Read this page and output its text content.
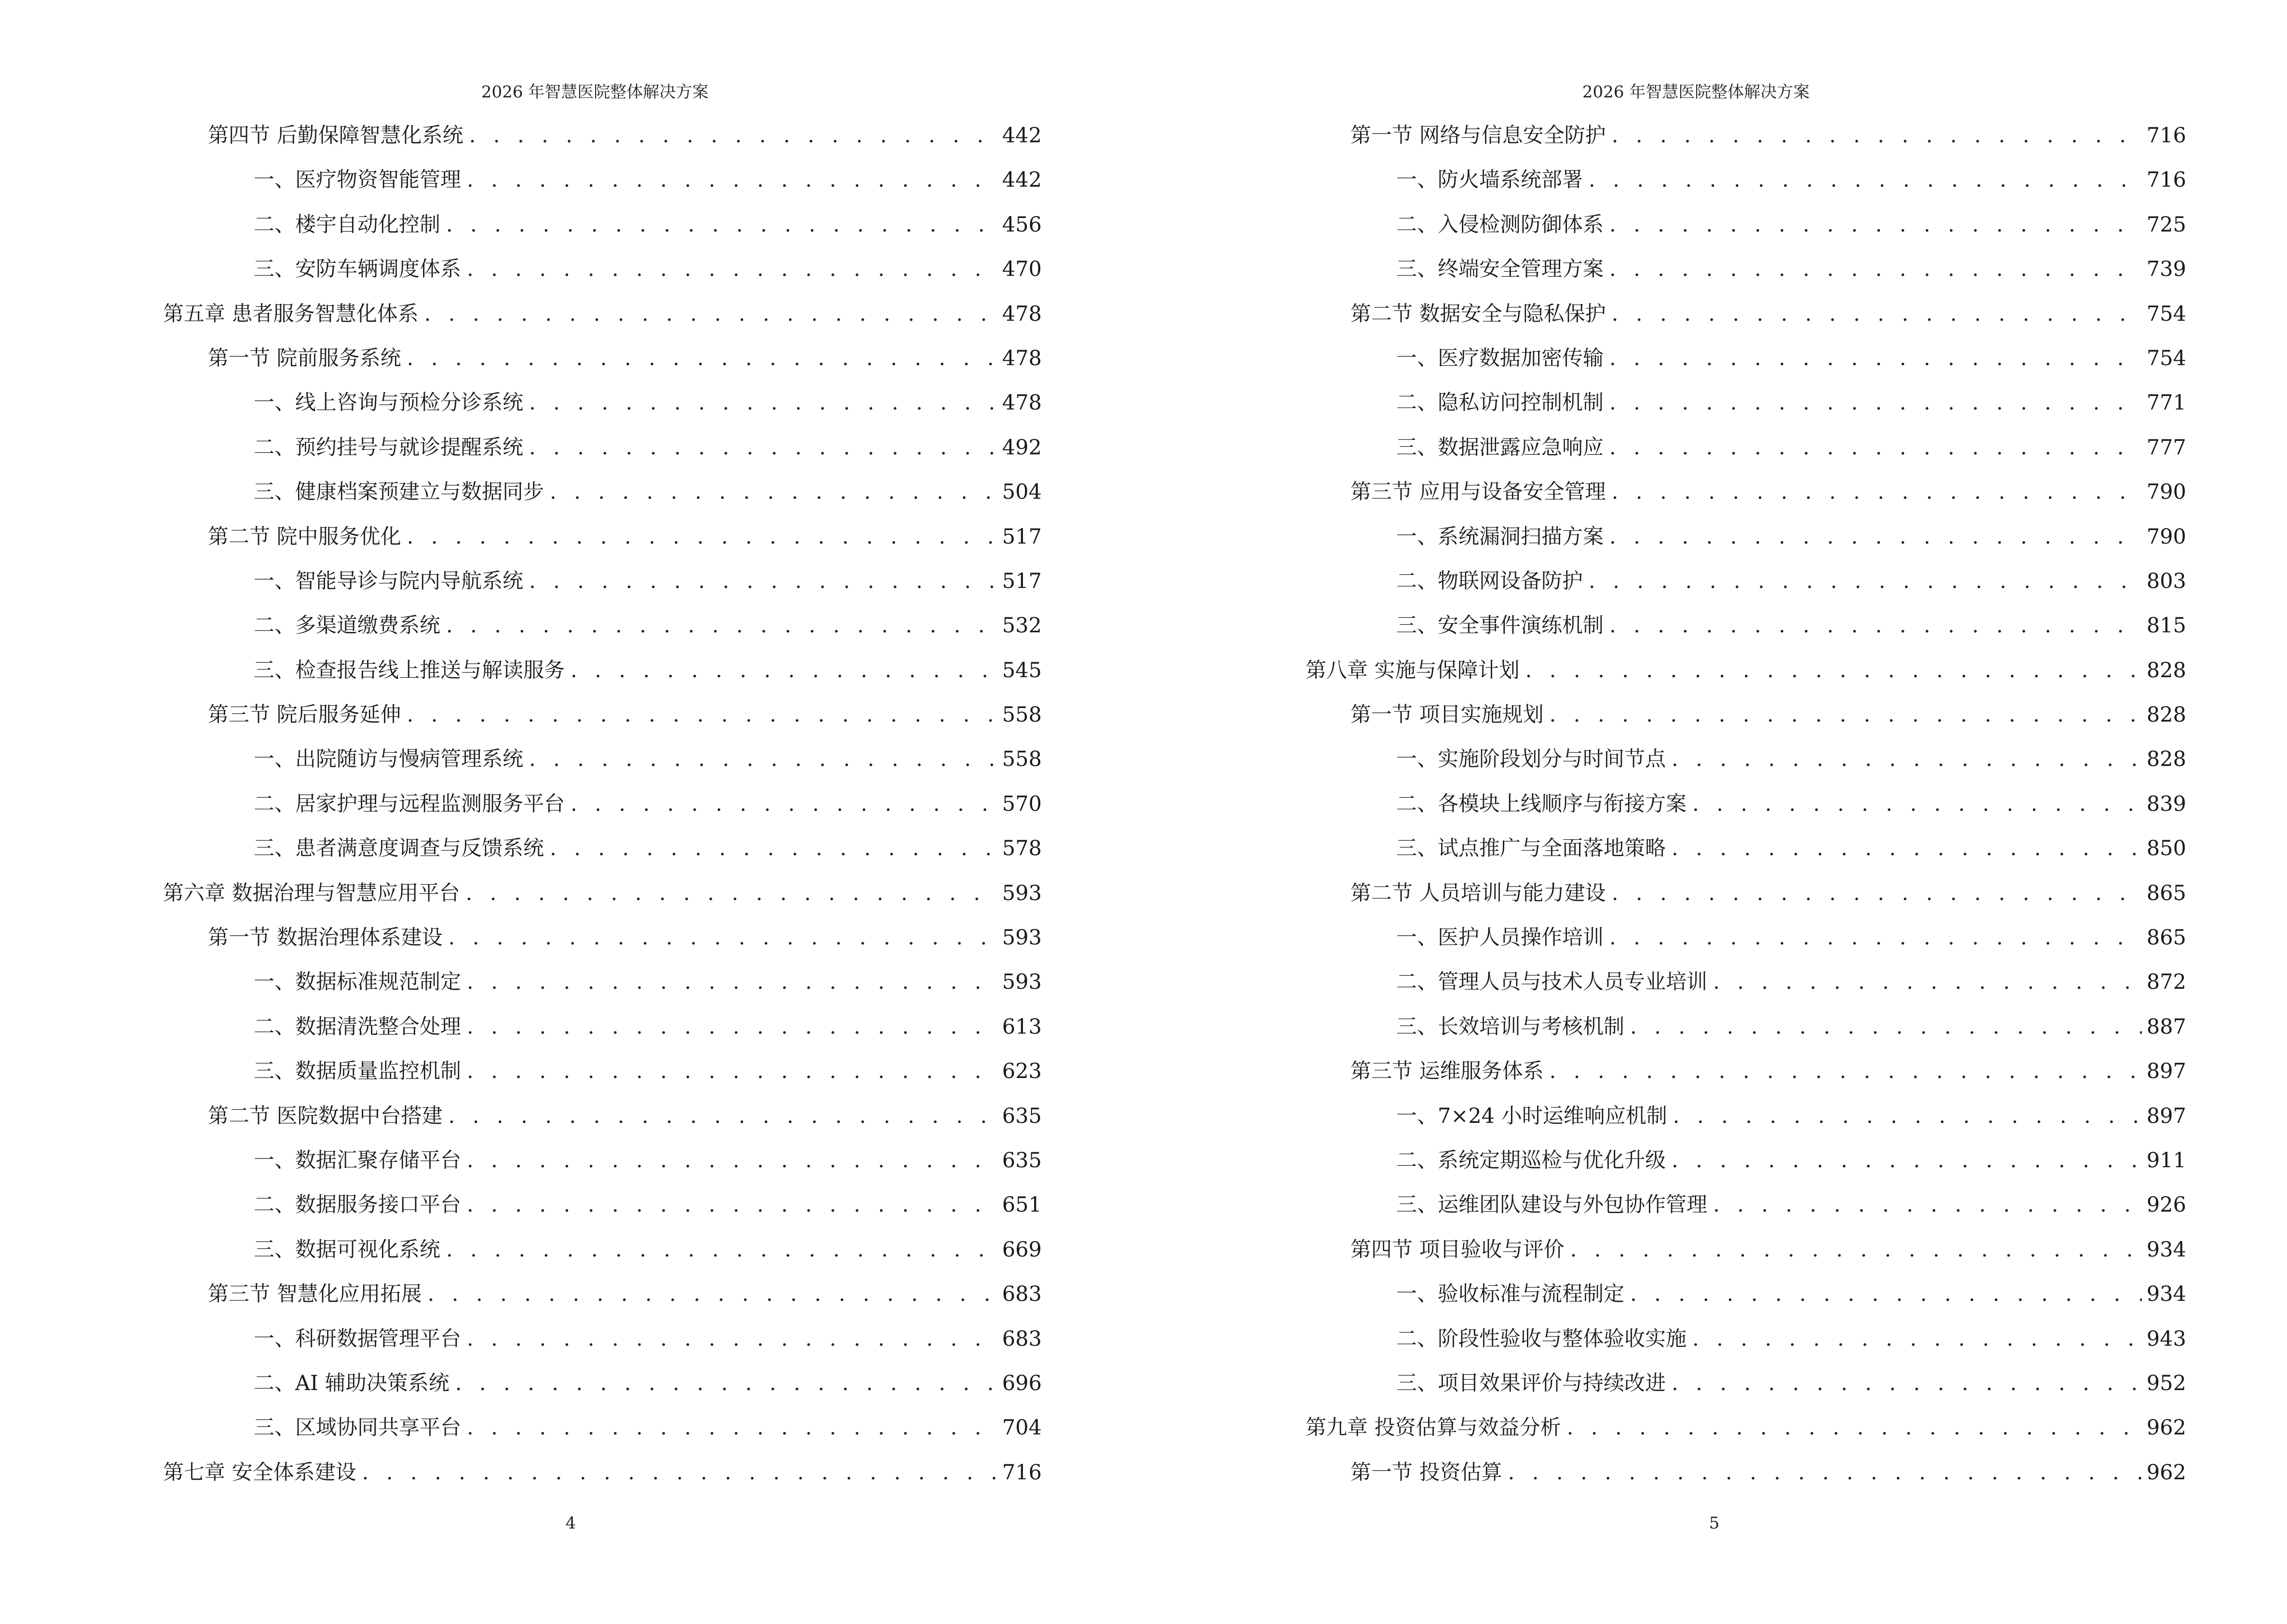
2026 年智慧医院整体解决方案
第四节 后勤保障智慧化系统 . . .	442
一、医疗物资智能管理 . . .	442
二、楼宇自动化控制 . . .	456
三、安防车辆调度体系 . . .	470
第五章 患者服务智慧化体系 . . .	478
第一节 院前服务系统 . . .	478
一、线上咨询与预检分诊系统 . . .	478
二、预约挂号与就诊提醒系统 . . .	492
三、健康档案预建立与数据同步 . . .	504
第二节 院中服务优化 . . .	517
一、智能导诊与院内导航系统 . . .	517
二、多渠道缴费系统 . . .	532
三、检查报告线上推送与解读服务 . . .	545
第三节 院后服务延伸 . . .	558
一、出院随访与慢病管理系统 . . .	558
二、居家护理与远程监测服务平台 . . .	570
三、患者满意度调查与反馈系统 . . .	578
第六章 数据治理与智慧应用平台 . . .	593
第一节 数据治理体系建设 . . .	593
一、数据标准规范制定 . . .	593
二、数据清洗整合处理 . . .	613
三、数据质量监控机制 . . .	623
第二节 医院数据中台搭建 . . .	635
一、数据汇聚存储平台 . . .	635
二、数据服务接口平台 . . .	651
三、数据可视化系统 . . .	669
第三节 智慧化应用拓展 . . .	683
一、科研数据管理平台 . . .	683
二、AI 辅助决策系统 . . .	696
三、区域协同共享平台 . . .	704
第七章 安全体系建设 . . .	716
4
2026 年智慧医院整体解决方案
第一节 网络与信息安全防护 . . .	716
一、防火墙系统部署 . . .	716
二、入侵检测防御体系 . . .	725
三、终端安全管理方案 . . .	739
第二节 数据安全与隐私保护 . . .	754
一、医疗数据加密传输 . . .	754
二、隐私访问控制机制 . . .	771
三、数据泄露应急响应 . . .	777
第三节 应用与设备安全管理 . . .	790
一、系统漏洞扫描方案 . . .	790
二、物联网设备防护 . . .	803
三、安全事件演练机制 . . .	815
第八章 实施与保障计划 . . .	828
第一节 项目实施规划 . . .	828
一、实施阶段划分与时间节点 . . .	828
二、各模块上线顺序与衔接方案 . . .	839
三、试点推广与全面落地策略 . . .	850
第二节 人员培训与能力建设 . . .	865
一、医护人员操作培训 . . .	865
二、管理人员与技术人员专业培训 . . .	872
三、长效培训与考核机制 . . .	887
第三节 运维服务体系 . . .	897
一、7×24 小时运维响应机制 . . .	897
二、系统定期巡检与优化升级 . . .	911
三、运维团队建设与外包协作管理 . . .	926
第四节 项目验收与评价 . . .	934
一、验收标准与流程制定 . . .	934
二、阶段性验收与整体验收实施 . . .	943
三、项目效果评价与持续改进 . . .	952
第九章 投资估算与效益分析 . . .	962
第一节 投资估算 . . .	962
5
